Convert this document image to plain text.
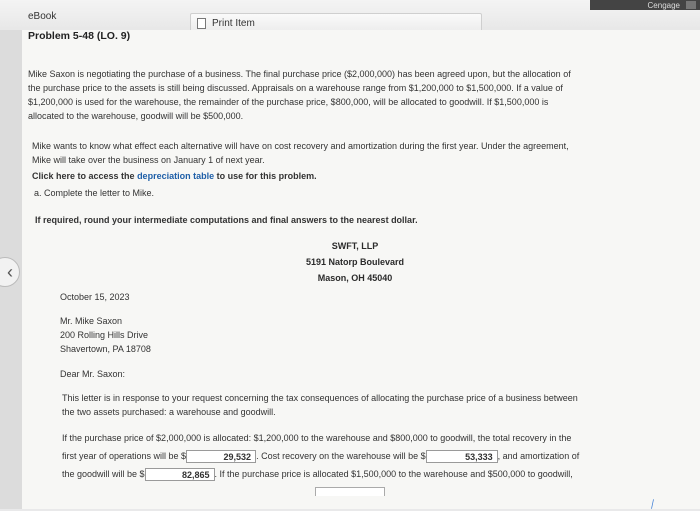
eBook
Print Item
Cengage
‹
Problem 5-48 (LO. 9)
Mike Saxon is negotiating the purchase of a business. The final purchase price ($2,000,000) has been agreed upon, but the allocation of
the purchase price to the assets is still being discussed. Appraisals on a warehouse range from $1,200,000 to $1,500,000. If a value of
$1,200,000 is used for the warehouse, the remainder of the purchase price, $800,000, will be allocated to goodwill. If $1,500,000 is
allocated to the warehouse, goodwill will be $500,000.
Mike wants to know what effect each alternative will have on cost recovery and amortization during the first year. Under the agreement,
Mike will take over the business on January 1 of next year.
Click here to access the depreciation table to use for this problem.
a. Complete the letter to Mike.
If required, round your intermediate computations and final answers to the nearest dollar.
SWFT, LLP
5191 Natorp Boulevard
Mason, OH 45040
October 15, 2023
Mr. Mike Saxon
200 Rolling Hills Drive
Shavertown, PA 18708
Dear Mr. Saxon:
This letter is in response to your request concerning the tax consequences of allocating the purchase price of a business between
the two assets purchased: a warehouse and goodwill.
If the purchase price of $2,000,000 is allocated: $1,200,000 to the warehouse and $800,000 to goodwill, the total recovery in the
first year of operations will be $	29,532 . Cost recovery on the warehouse will be $	53,333 , and amortization of
the goodwill will be $	82,865 . If the purchase price is allocated $1,500,000 to the warehouse and $500,000 to goodwill,
⁄
